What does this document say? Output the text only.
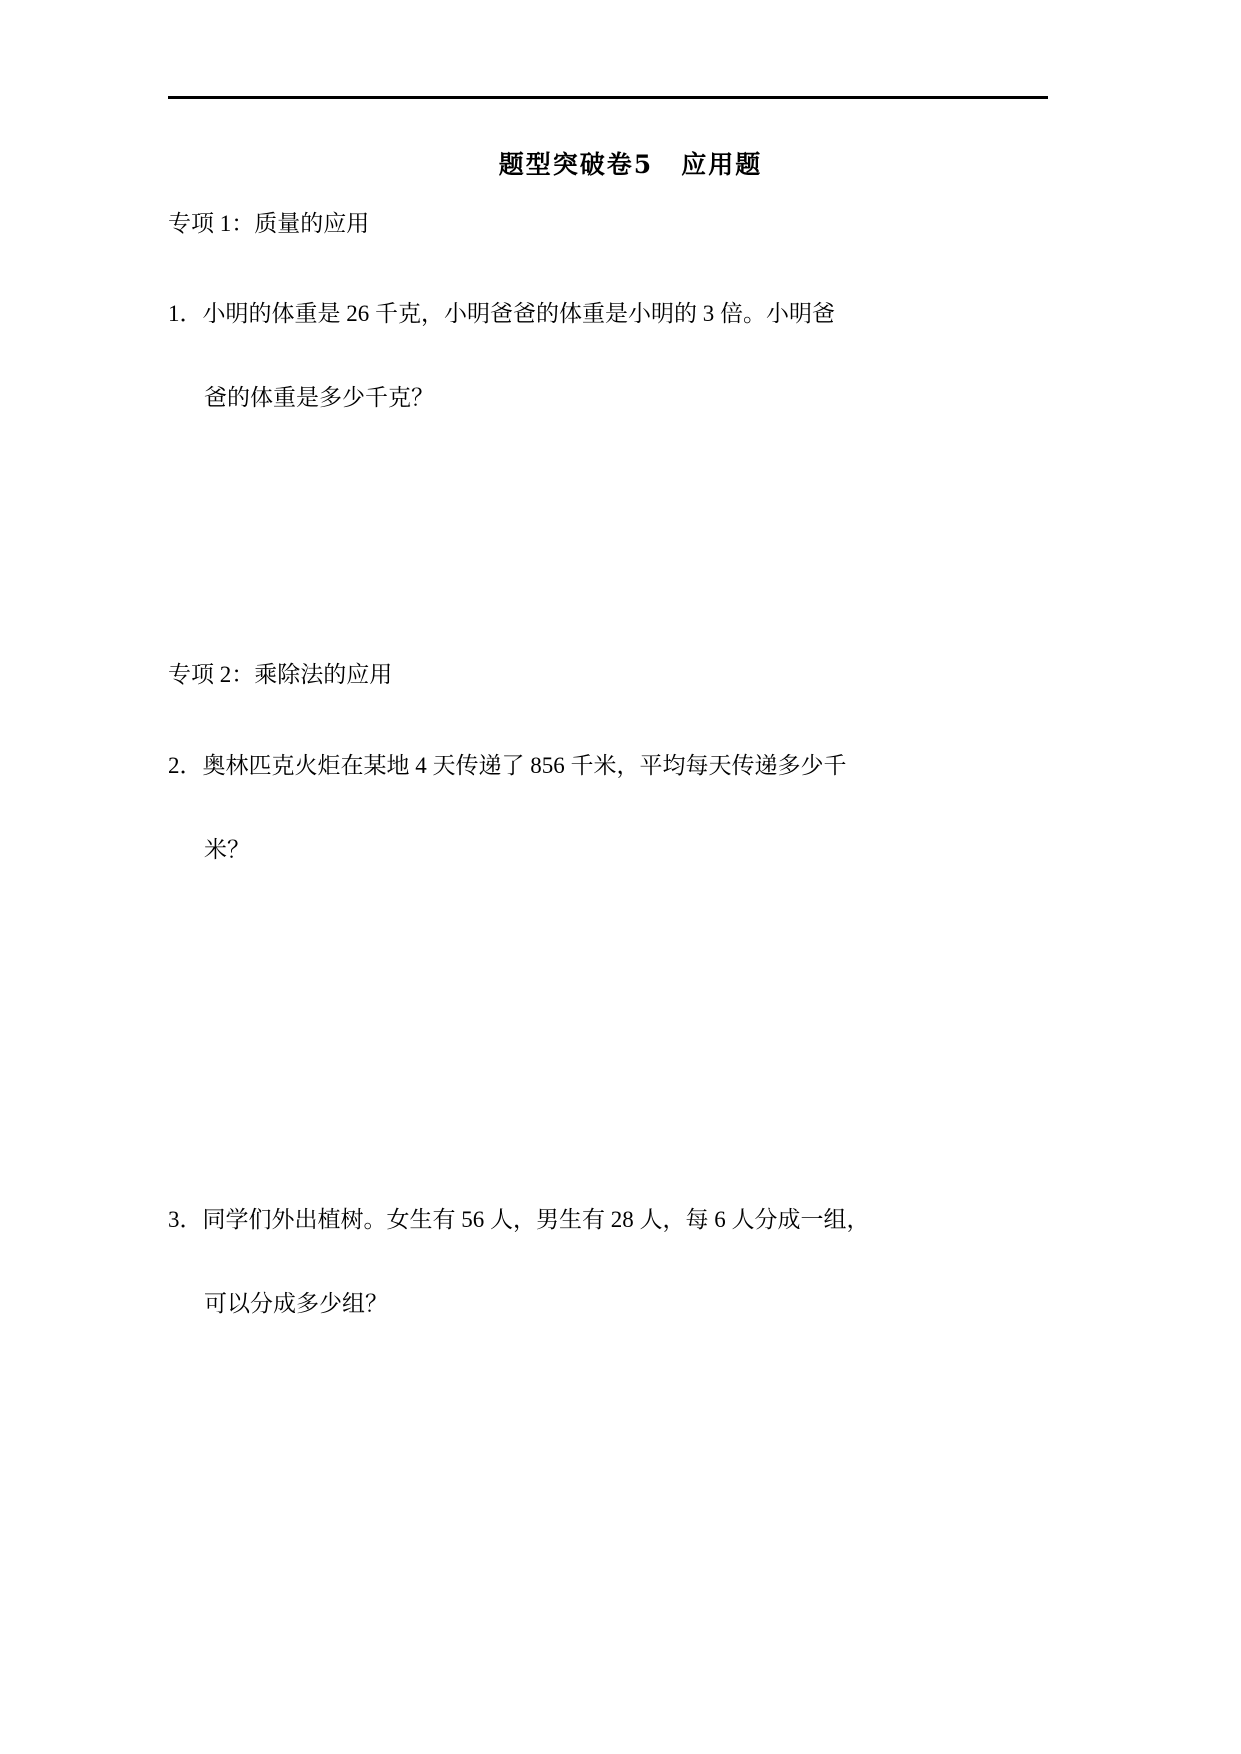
题型突破卷5 应用题
专项 1：质量的应用
1．小明的体重是 26 千克，小明爸爸的体重是小明的 3 倍。小明爸
爸的体重是多少千克？
专项 2：乘除法的应用
2．奥林匹克火炬在某地 4 天传递了 856 千米，平均每天传递多少千
米？
3．同学们外出植树。女生有 56 人，男生有 28 人，每 6 人分成一组，
可以分成多少组？
